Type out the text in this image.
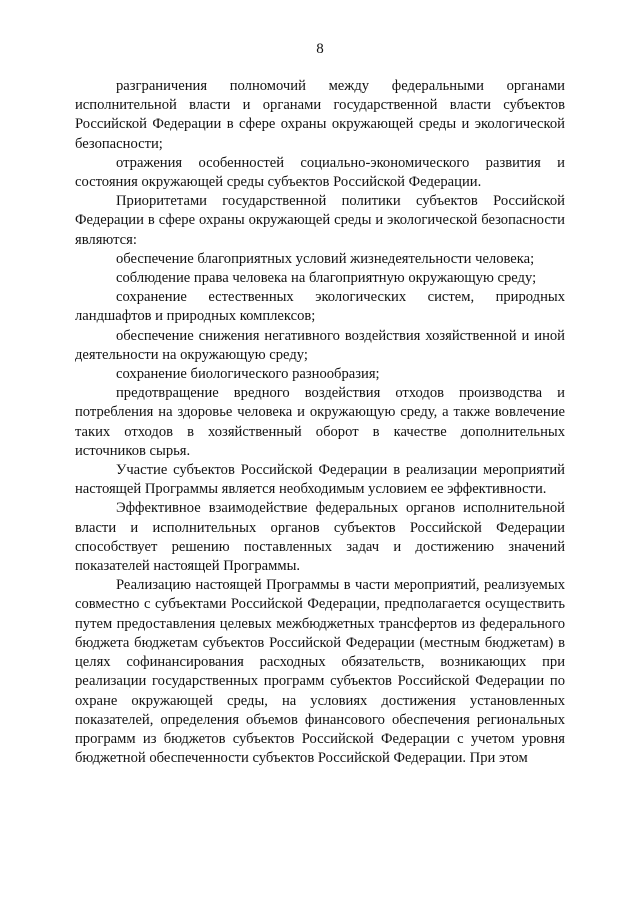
8

разграничения полномочий между федеральными органами исполнительной власти и органами государственной власти субъектов Российской Федерации в сфере охраны окружающей среды и экологической безопасности;

отражения особенностей социально-экономического развития и состояния окружающей среды субъектов Российской Федерации.

Приоритетами государственной политики субъектов Российской Федерации в сфере охраны окружающей среды и экологической безопасности являются:

обеспечение благоприятных условий жизнедеятельности человека;

соблюдение права человека на благоприятную окружающую среду;

сохранение естественных экологических систем, природных ландшафтов и природных комплексов;

обеспечение снижения негативного воздействия хозяйственной и иной деятельности на окружающую среду;

сохранение биологического разнообразия;

предотвращение вредного воздействия отходов производства и потребления на здоровье человека и окружающую среду, а также вовлечение таких отходов в хозяйственный оборот в качестве дополнительных источников сырья.

Участие субъектов Российской Федерации в реализации мероприятий настоящей Программы является необходимым условием ее эффективности.

Эффективное взаимодействие федеральных органов исполнительной власти и исполнительных органов субъектов Российской Федерации способствует решению поставленных задач и достижению значений показателей настоящей Программы.

Реализацию настоящей Программы в части мероприятий, реализуемых совместно с субъектами Российской Федерации, предполагается осуществить путем предоставления целевых межбюджетных трансфертов из федерального бюджета бюджетам субъектов Российской Федерации (местным бюджетам) в целях софинансирования расходных обязательств, возникающих при реализации государственных программ субъектов Российской Федерации по охране окружающей среды, на условиях достижения установленных показателей, определения объемов финансового обеспечения региональных программ из бюджетов субъектов Российской Федерации с учетом уровня бюджетной обеспеченности субъектов Российской Федерации. При этом
